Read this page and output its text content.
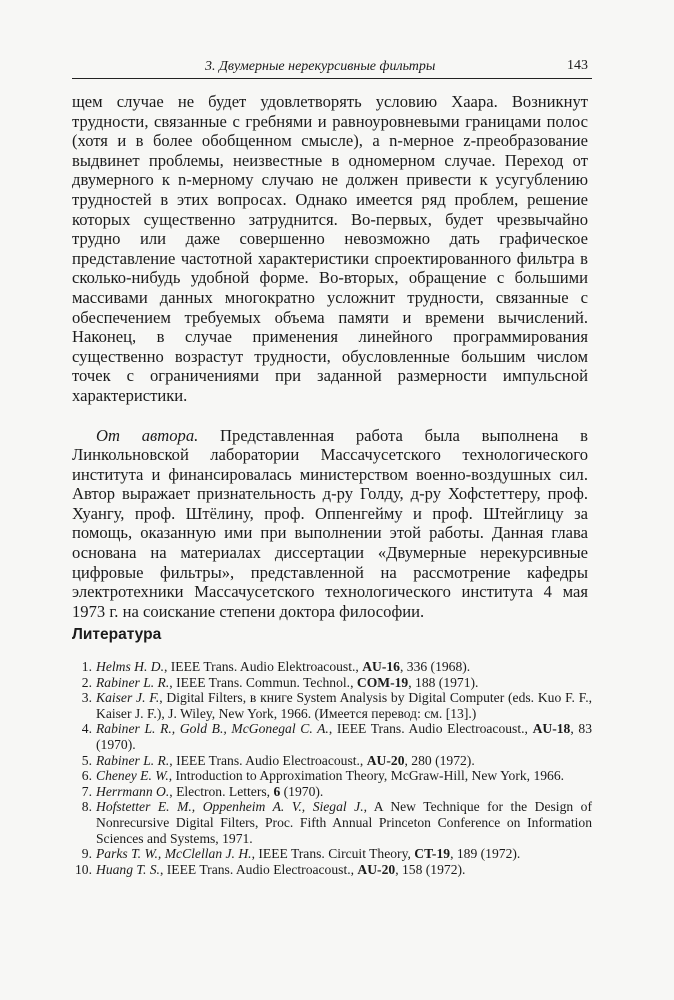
3. Двумерные нерекурсивные фильтры	143

щем случае не будет удовлетворять условию Хаара. Возникнут трудности, связанные с гребнями и равноуровневыми границами полос (хотя и в более обобщенном смысле), а n-мерное z-преобразование выдвинет проблемы, неизвестные в одномерном случае. Переход от двумерного к n-мерному случаю не должен привести к усугублению трудностей в этих вопросах. Однако имеется ряд проблем, решение которых существенно затруднится. Во-первых, будет чрезвычайно трудно или даже совершенно невозможно дать графическое представление частотной характеристики спроектированного фильтра в сколько-нибудь удобной форме. Во-вторых, обращение с большими массивами данных многократно усложнит трудности, связанные с обеспечением требуемых объема памяти и времени вычислений. Наконец, в случае применения линейного программирования существенно возрастут трудности, обусловленные большим числом точек с ограничениями при заданной размерности импульсной характеристики.

От автора. Представленная работа была выполнена в Линкольновской лаборатории Массачусетского технологического института и финансировалась министерством военно-воздушных сил. Автор выражает признательность д-ру Голду, д-ру Хофстеттеру, проф. Хуангу, проф. Штёлину, проф. Оппенгейму и проф. Штейглицу за помощь, оказанную ими при выполнении этой работы. Данная глава основана на материалах диссертации «Двумерные нерекурсивные цифровые фильтры», представленной на рассмотрение кафедры электротехники Массачусетского технологического института 4 мая 1973 г. на соискание степени доктора философии.

Литература
1. Helms H. D., IEEE Trans. Audio Elektroacoust., AU-16, 336 (1968).
2. Rabiner L. R., IEEE Trans. Commun. Technol., COM-19, 188 (1971).
3. Kaiser J. F., Digital Filters, в книге System Analysis by Digital Computer (eds. Kuo F. F., Kaiser J. F.), J. Wiley, New York, 1966. (Имеется перевод: см. [13].)
4. Rabiner L. R., Gold B., McGonegal C. A., IEEE Trans. Audio Electroacoust., AU-18, 83 (1970).
5. Rabiner L. R., IEEE Trans. Audio Electroacoust., AU-20, 280 (1972).
6. Cheney E. W., Introduction to Approximation Theory, McGraw-Hill, New York, 1966.
7. Herrmann O., Electron. Letters, 6 (1970).
8. Hofstetter E. M., Oppenheim A. V., Siegal J., A New Technique for the Design of Nonrecursive Digital Filters, Proc. Fifth Annual Princeton Conference on Information Sciences and Systems, 1971.
9. Parks T. W., McClellan J. H., IEEE Trans. Circuit Theory, CT-19, 189 (1972).
10. Huang T. S., IEEE Trans. Audio Electroacoust., AU-20, 158 (1972).
